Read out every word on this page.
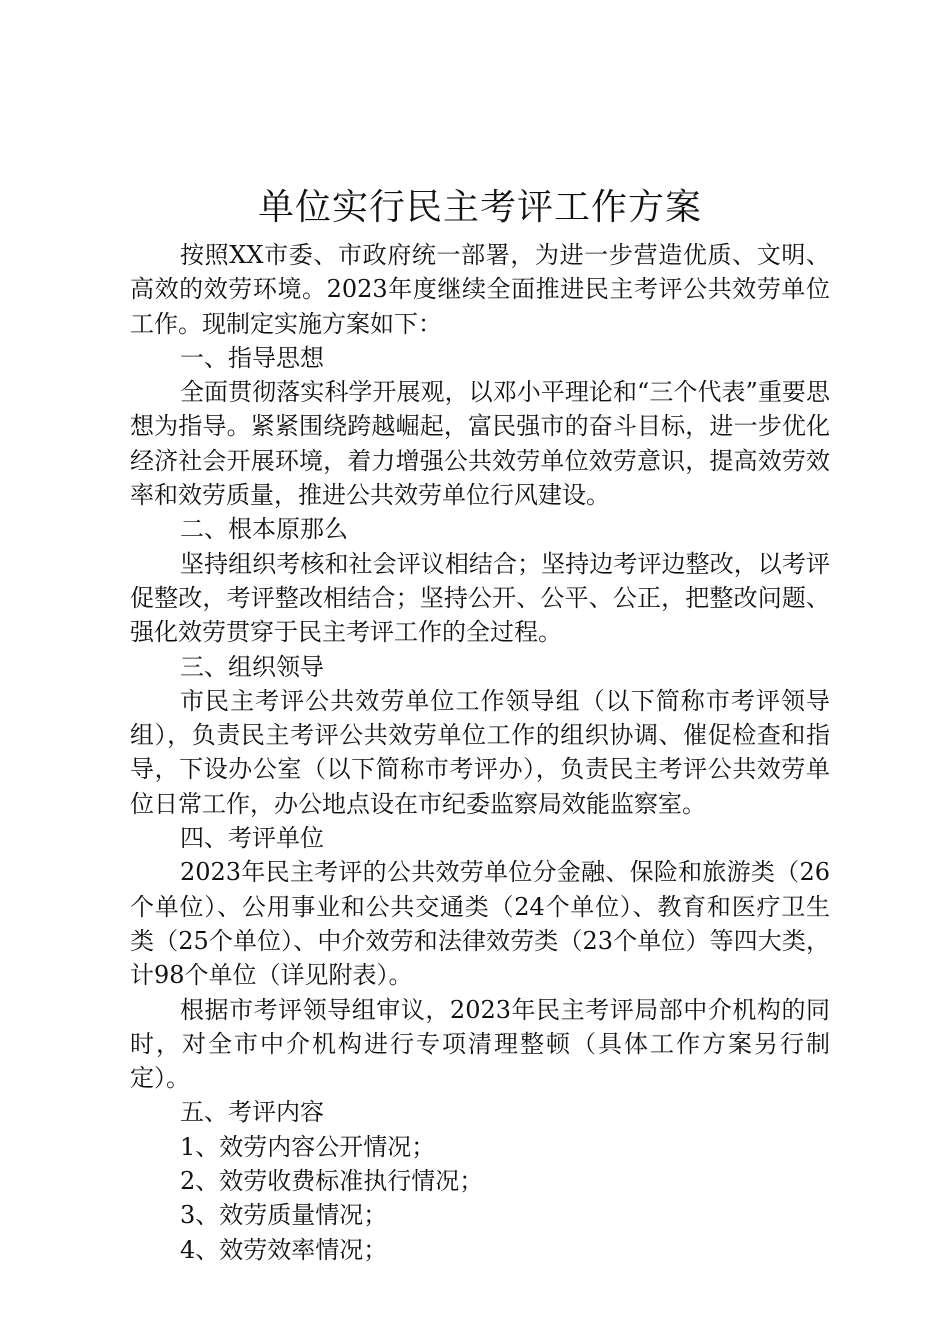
单位实行民主考评工作方案

按照XX市委、市政府统一部署，为进一步营造优质、文明、高效的效劳环境。2023年度继续全面推进民主考评公共效劳单位工作。现制定实施方案如下：

一、指导思想

全面贯彻落实科学开展观，以邓小平理论和“三个代表”重要思想为指导。紧紧围绕跨越崛起，富民强市的奋斗目标，进一步优化经济社会开展环境，着力增强公共效劳单位效劳意识，提高效劳效率和效劳质量，推进公共效劳单位行风建设。

二、根本原那么

坚持组织考核和社会评议相结合；坚持边考评边整改，以考评促整改，考评整改相结合；坚持公开、公平、公正，把整改问题、强化效劳贯穿于民主考评工作的全过程。

三、组织领导

市民主考评公共效劳单位工作领导组（以下简称市考评领导组），负责民主考评公共效劳单位工作的组织协调、催促检查和指导，下设办公室（以下简称市考评办），负责民主考评公共效劳单位日常工作，办公地点设在市纪委监察局效能监察室。

四、考评单位

2023年民主考评的公共效劳单位分金融、保险和旅游类（26个单位）、公用事业和公共交通类（24个单位）、教育和医疗卫生类（25个单位）、中介效劳和法律效劳类（23个单位）等四大类，计98个单位（详见附表）。

根据市考评领导组审议，2023年民主考评局部中介机构的同时，对全市中介机构进行专项清理整顿（具体工作方案另行制定）。

五、考评内容

1、效劳内容公开情况；

2、效劳收费标准执行情况；

3、效劳质量情况；

4、效劳效率情况；
